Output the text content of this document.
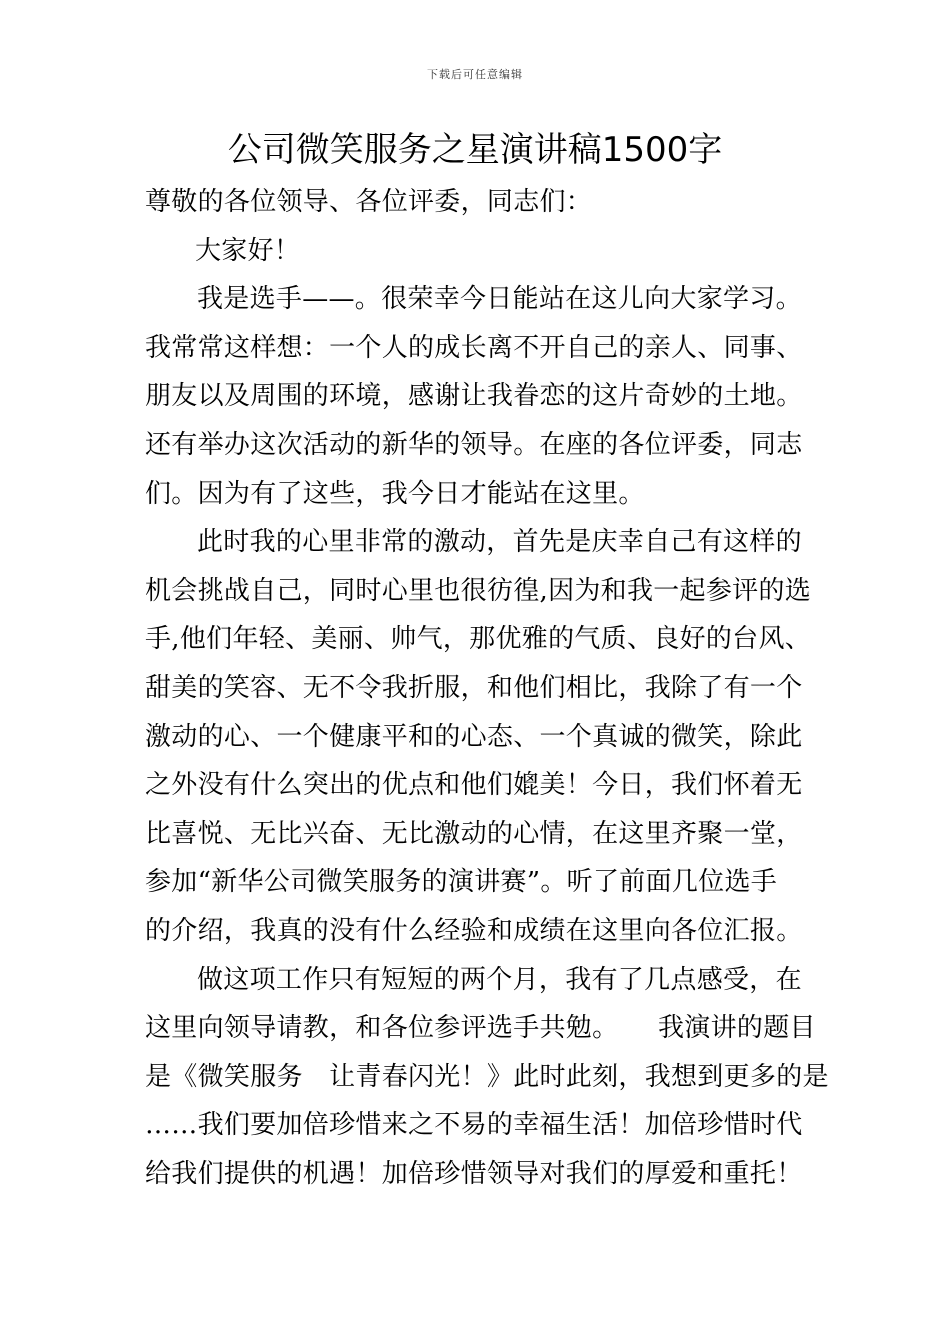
下载后可任意编辑
公司微笑服务之星演讲稿1500字
尊敬的各位领导、各位评委，同志们：
大家好！
我是选手——。很荣幸今日能站在这儿向大家学习。
我常常这样想：一个人的成长离不开自己的亲人、同事、
朋友以及周围的环境，感谢让我眷恋的这片奇妙的土地。
还有举办这次活动的新华的领导。在座的各位评委，同志
们。因为有了这些，我今日才能站在这里。
此时我的心里非常的激动，首先是庆幸自己有这样的
机会挑战自己，同时心里也很彷徨,因为和我一起参评的选
手,他们年轻、美丽、帅气，那优雅的气质、良好的台风、
甜美的笑容、无不令我折服，和他们相比，我除了有一个
激动的心、一个健康平和的心态、一个真诚的微笑，除此
之外没有什么突出的优点和他们媲美！今日，我们怀着无
比喜悦、无比兴奋、无比激动的心情，在这里齐聚一堂，
参加“新华公司微笑服务的演讲赛”。听了前面几位选手
的介绍，我真的没有什么经验和成绩在这里向各位汇报。
做这项工作只有短短的两个月，我有了几点感受，在
这里向领导请教，和各位参评选手共勉。　　我演讲的题目
是《微笑服务　让青春闪光！》此时此刻，我想到更多的是
……我们要加倍珍惜来之不易的幸福生活！加倍珍惜时代
给我们提供的机遇！加倍珍惜领导对我们的厚爱和重托！
